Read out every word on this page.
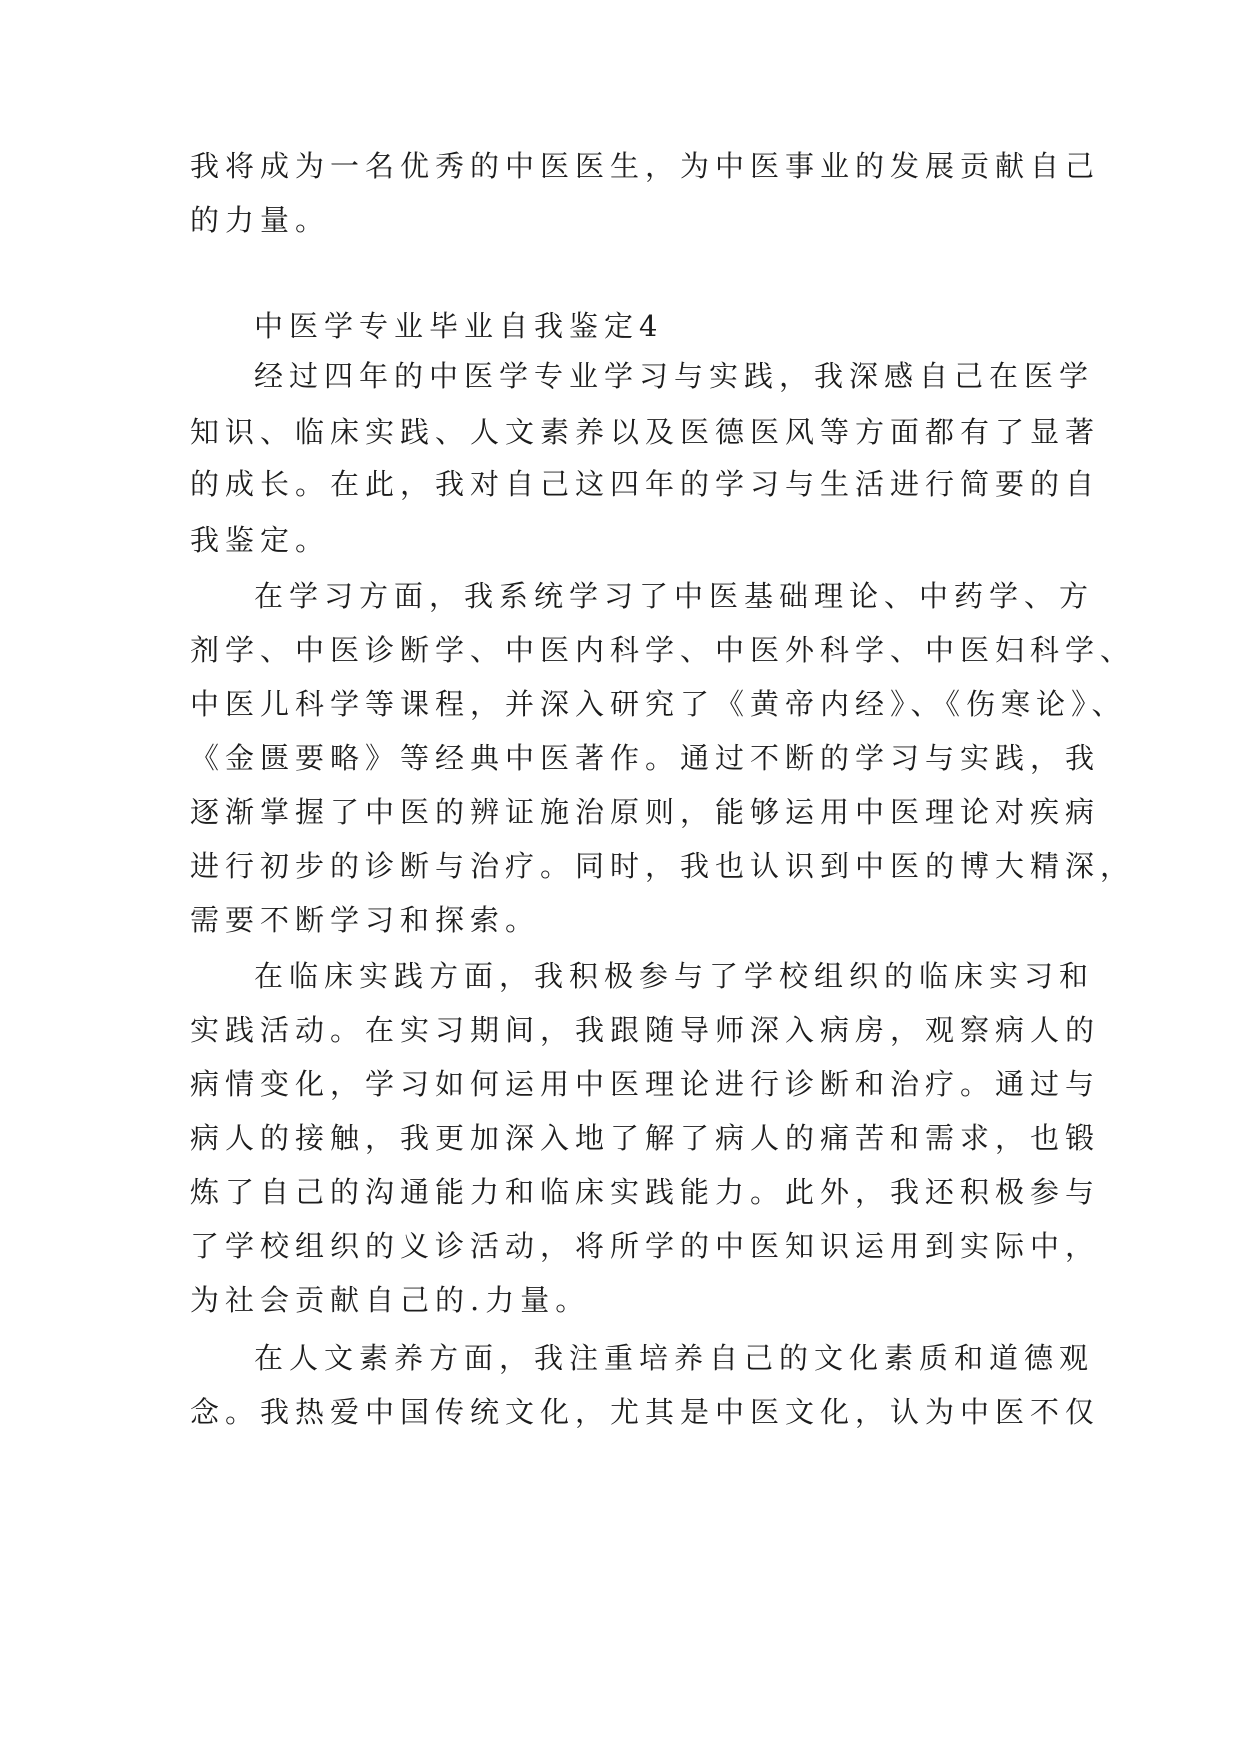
我将成为一名优秀的中医医生，为中医事业的发展贡献自己

的力量。

中医学专业毕业自我鉴定4

经过四年的中医学专业学习与实践，我深感自己在医学

知识、临床实践、人文素养以及医德医风等方面都有了显著

的成长。在此，我对自己这四年的学习与生活进行简要的自

我鉴定。

在学习方面，我系统学习了中医基础理论、中药学、方

剂学、中医诊断学、中医内科学、中医外科学、中医妇科学、

中医儿科学等课程，并深入研究了《黄帝内经》、《伤寒论》、

《金匮要略》等经典中医著作。通过不断的学习与实践，我

逐渐掌握了中医的辨证施治原则，能够运用中医理论对疾病

进行初步的诊断与治疗。同时，我也认识到中医的博大精深，

需要不断学习和探索。

在临床实践方面，我积极参与了学校组织的临床实习和

实践活动。在实习期间，我跟随导师深入病房，观察病人的

病情变化，学习如何运用中医理论进行诊断和治疗。通过与

病人的接触，我更加深入地了解了病人的痛苦和需求，也锻

炼了自己的沟通能力和临床实践能力。此外，我还积极参与

了学校组织的义诊活动，将所学的中医知识运用到实际中，

为社会贡献自己的.力量。

在人文素养方面，我注重培养自己的文化素质和道德观

念。我热爱中国传统文化，尤其是中医文化，认为中医不仅
